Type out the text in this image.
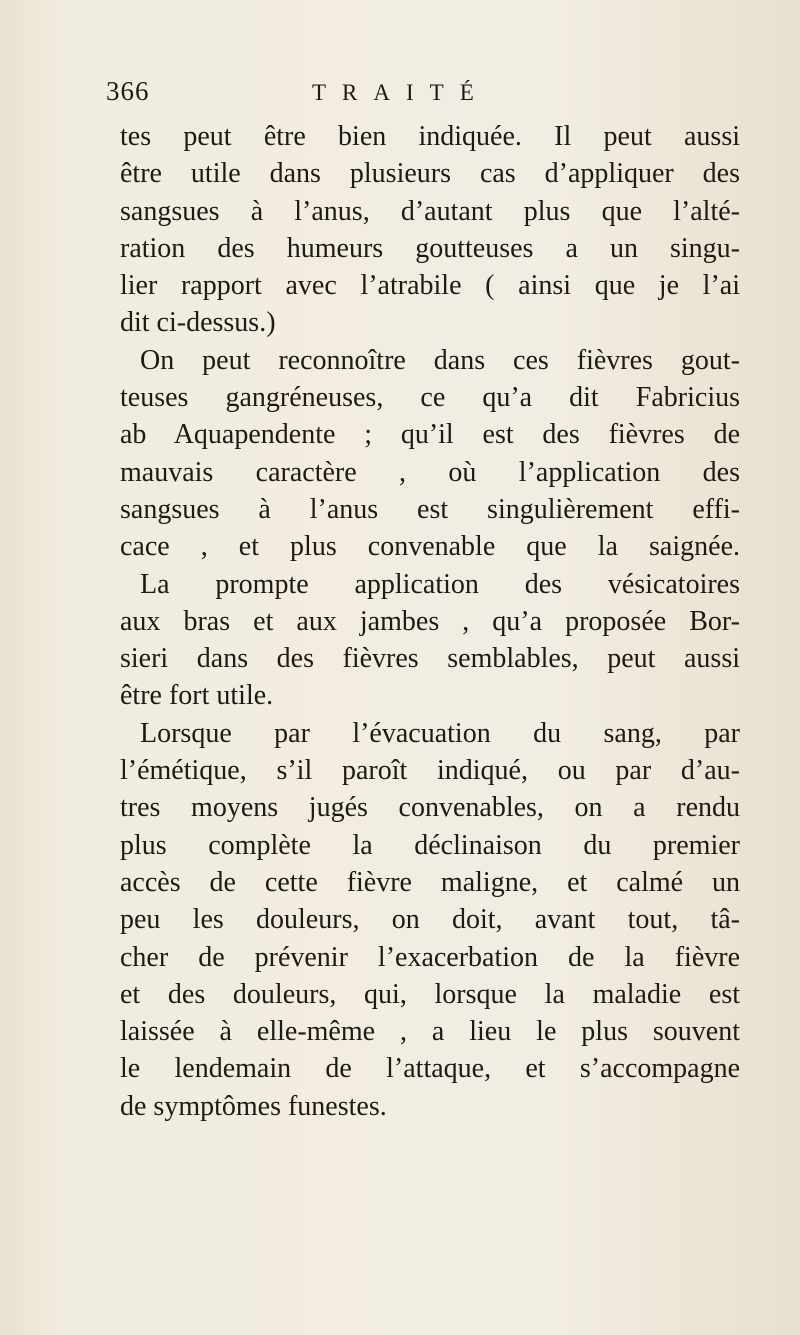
366	TRAITÉ
tes peut être bien indiquée. Il peut aussi
être utile dans plusieurs cas d’appliquer des
sangsues à l’anus, d’autant plus que l’alté-
ration des humeurs goutteuses a un singu-
lier rapport avec l’atrabile ( ainsi que je l’ai
dit ci-dessus.)
On peut reconnoître dans ces fièvres gout-
teuses gangréneuses, ce qu’a dit Fabricius
ab Aquapendente ; qu’il est des fièvres de
mauvais caractère , où l’application des
sangsues à l’anus est singulièrement effi-
cace , et plus convenable que la saignée.
La prompte application des vésicatoires
aux bras et aux jambes , qu’a proposée Bor-
sieri dans des fièvres semblables, peut aussi
être fort utile.
Lorsque par l’évacuation du sang, par
l’émétique, s’il paroît indiqué, ou par d’au-
tres moyens jugés convenables, on a rendu
plus complète la déclinaison du premier
accès de cette fièvre maligne, et calmé un
peu les douleurs, on doit, avant tout, tâ-
cher de prévenir l’exacerbation de la fièvre
et des douleurs, qui, lorsque la maladie est
laissée à elle-même , a lieu le plus souvent
le lendemain de l’attaque, et s’accompagne
de symptômes funestes.
